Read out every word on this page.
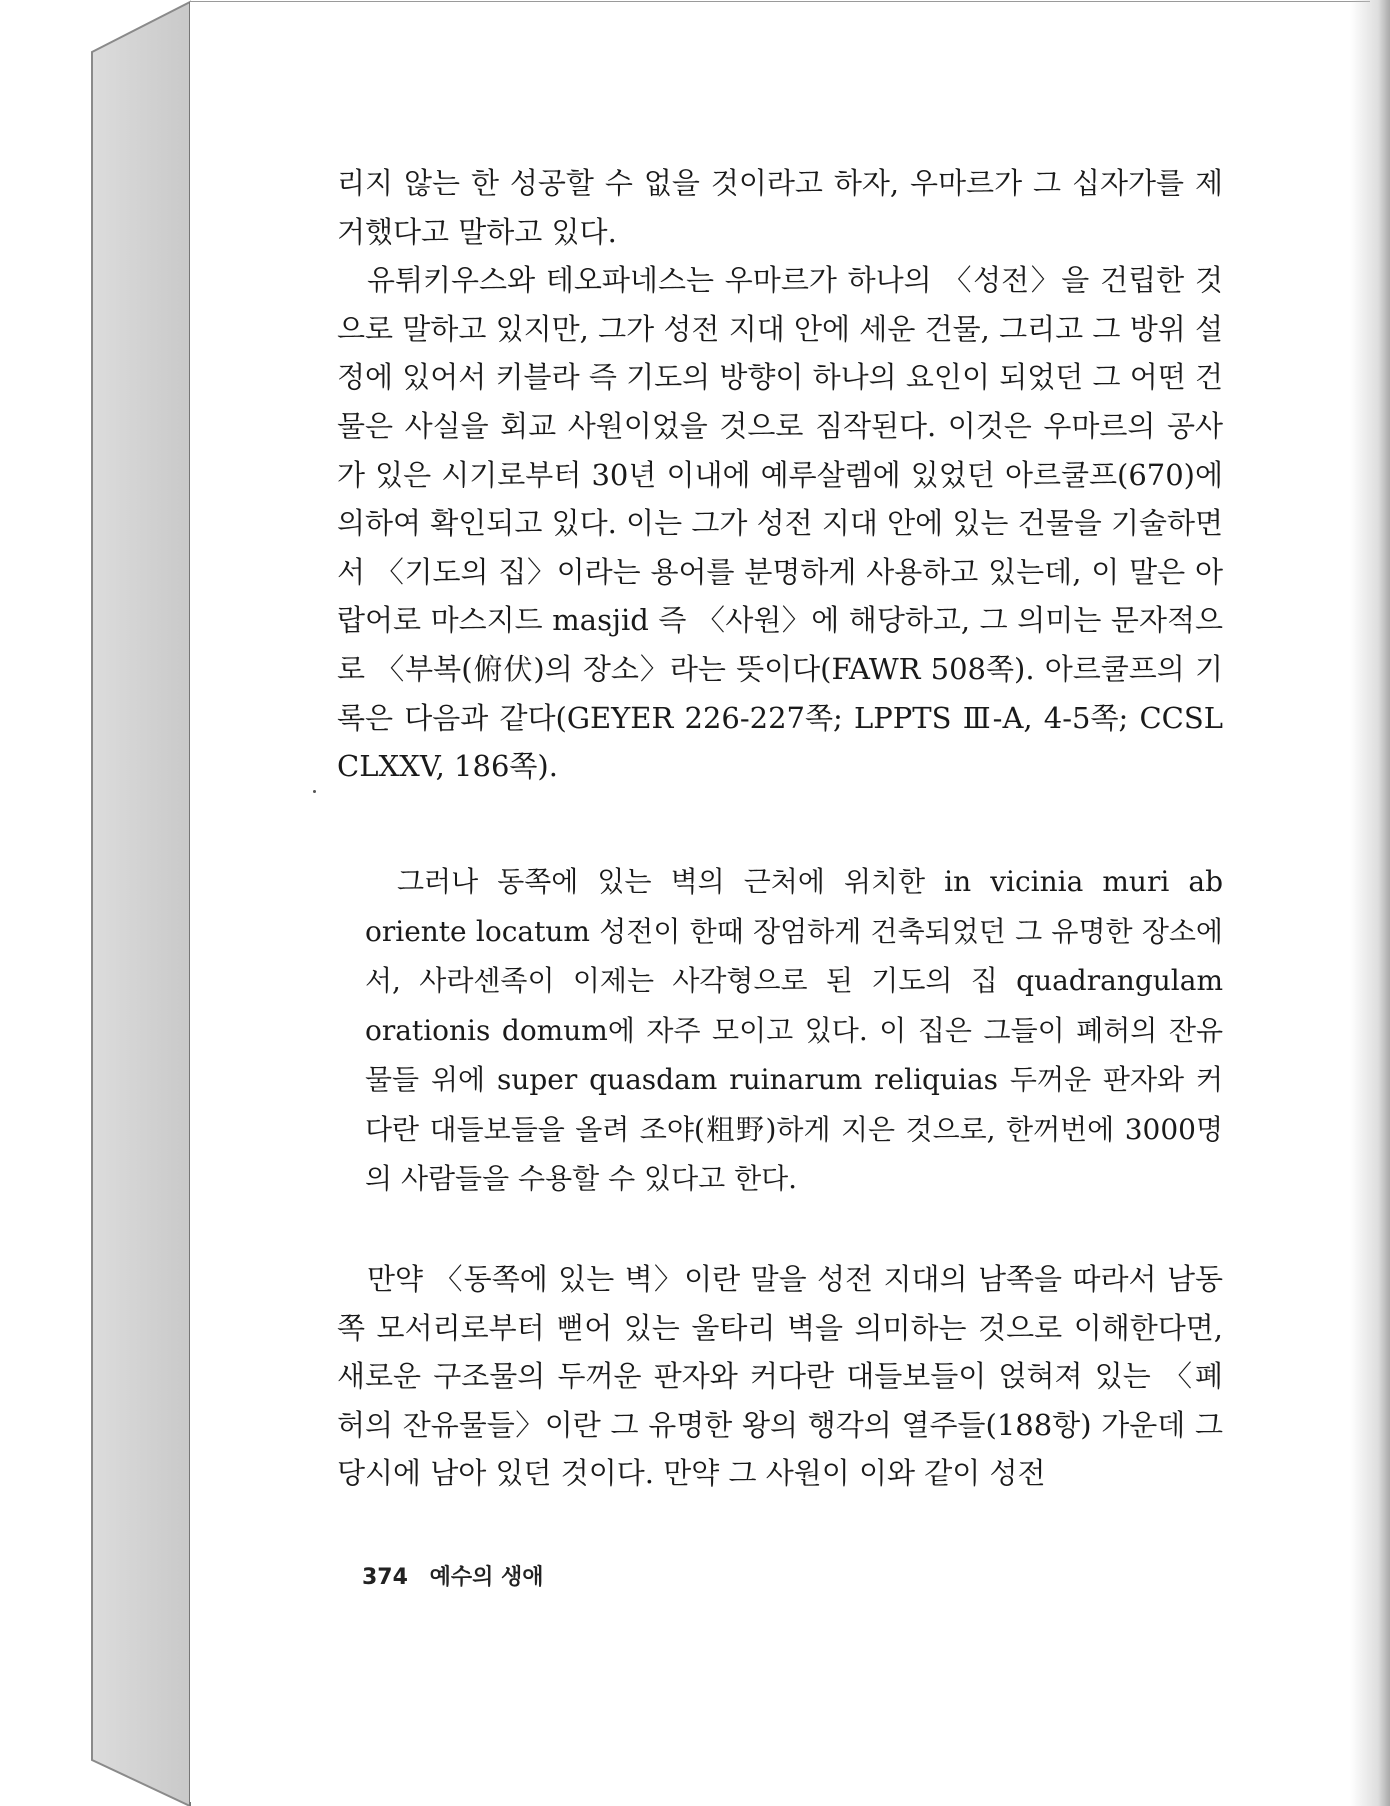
리지 않는 한 성공할 수 없을 것이라고 하자, 우마르가 그 십자가를 제거했다고 말하고 있다.

유튀키우스와 테오파네스는 우마르가 하나의 〈성전〉을 건립한 것으로 말하고 있지만, 그가 성전 지대 안에 세운 건물, 그리고 그 방위 설정에 있어서 키블라 즉 기도의 방향이 하나의 요인이 되었던 그 어떤 건물은 사실을 회교 사원이었을 것으로 짐작된다. 이것은 우마르의 공사가 있은 시기로부터 30년 이내에 예루살렘에 있었던 아르쿨프(670)에 의하여 확인되고 있다. 이는 그가 성전 지대 안에 있는 건물을 기술하면서 〈기도의 집〉이라는 용어를 분명하게 사용하고 있는데, 이 말은 아랍어로 마스지드 masjid 즉 〈사원〉에 해당하고, 그 의미는 문자적으로 〈부복(俯伏)의 장소〉라는 뜻이다(FAWR 508쪽). 아르쿨프의 기록은 다음과 같다(GEYER 226-227쪽; LPPTS Ⅲ-A, 4-5쪽; CCSL CLXXV, 186쪽).

그러나 동쪽에 있는 벽의 근처에 위치한 in vicinia muri ab oriente locatum 성전이 한때 장엄하게 건축되었던 그 유명한 장소에서, 사라센족이 이제는 사각형으로 된 기도의 집 quadrangulam orationis domum에 자주 모이고 있다. 이 집은 그들이 폐허의 잔유물들 위에 super quasdam ruinarum reliquias 두꺼운 판자와 커다란 대들보들을 올려 조야(粗野)하게 지은 것으로, 한꺼번에 3000명의 사람들을 수용할 수 있다고 한다.

만약 〈동쪽에 있는 벽〉이란 말을 성전 지대의 남쪽을 따라서 남동쪽 모서리로부터 뻗어 있는 울타리 벽을 의미하는 것으로 이해한다면, 새로운 구조물의 두꺼운 판자와 커다란 대들보들이 얹혀져 있는 〈폐허의 잔유물들〉이란 그 유명한 왕의 행각의 열주들(188항) 가운데 그 당시에 남아 있던 것이다. 만약 그 사원이 이와 같이 성전

374 예수의 생애
